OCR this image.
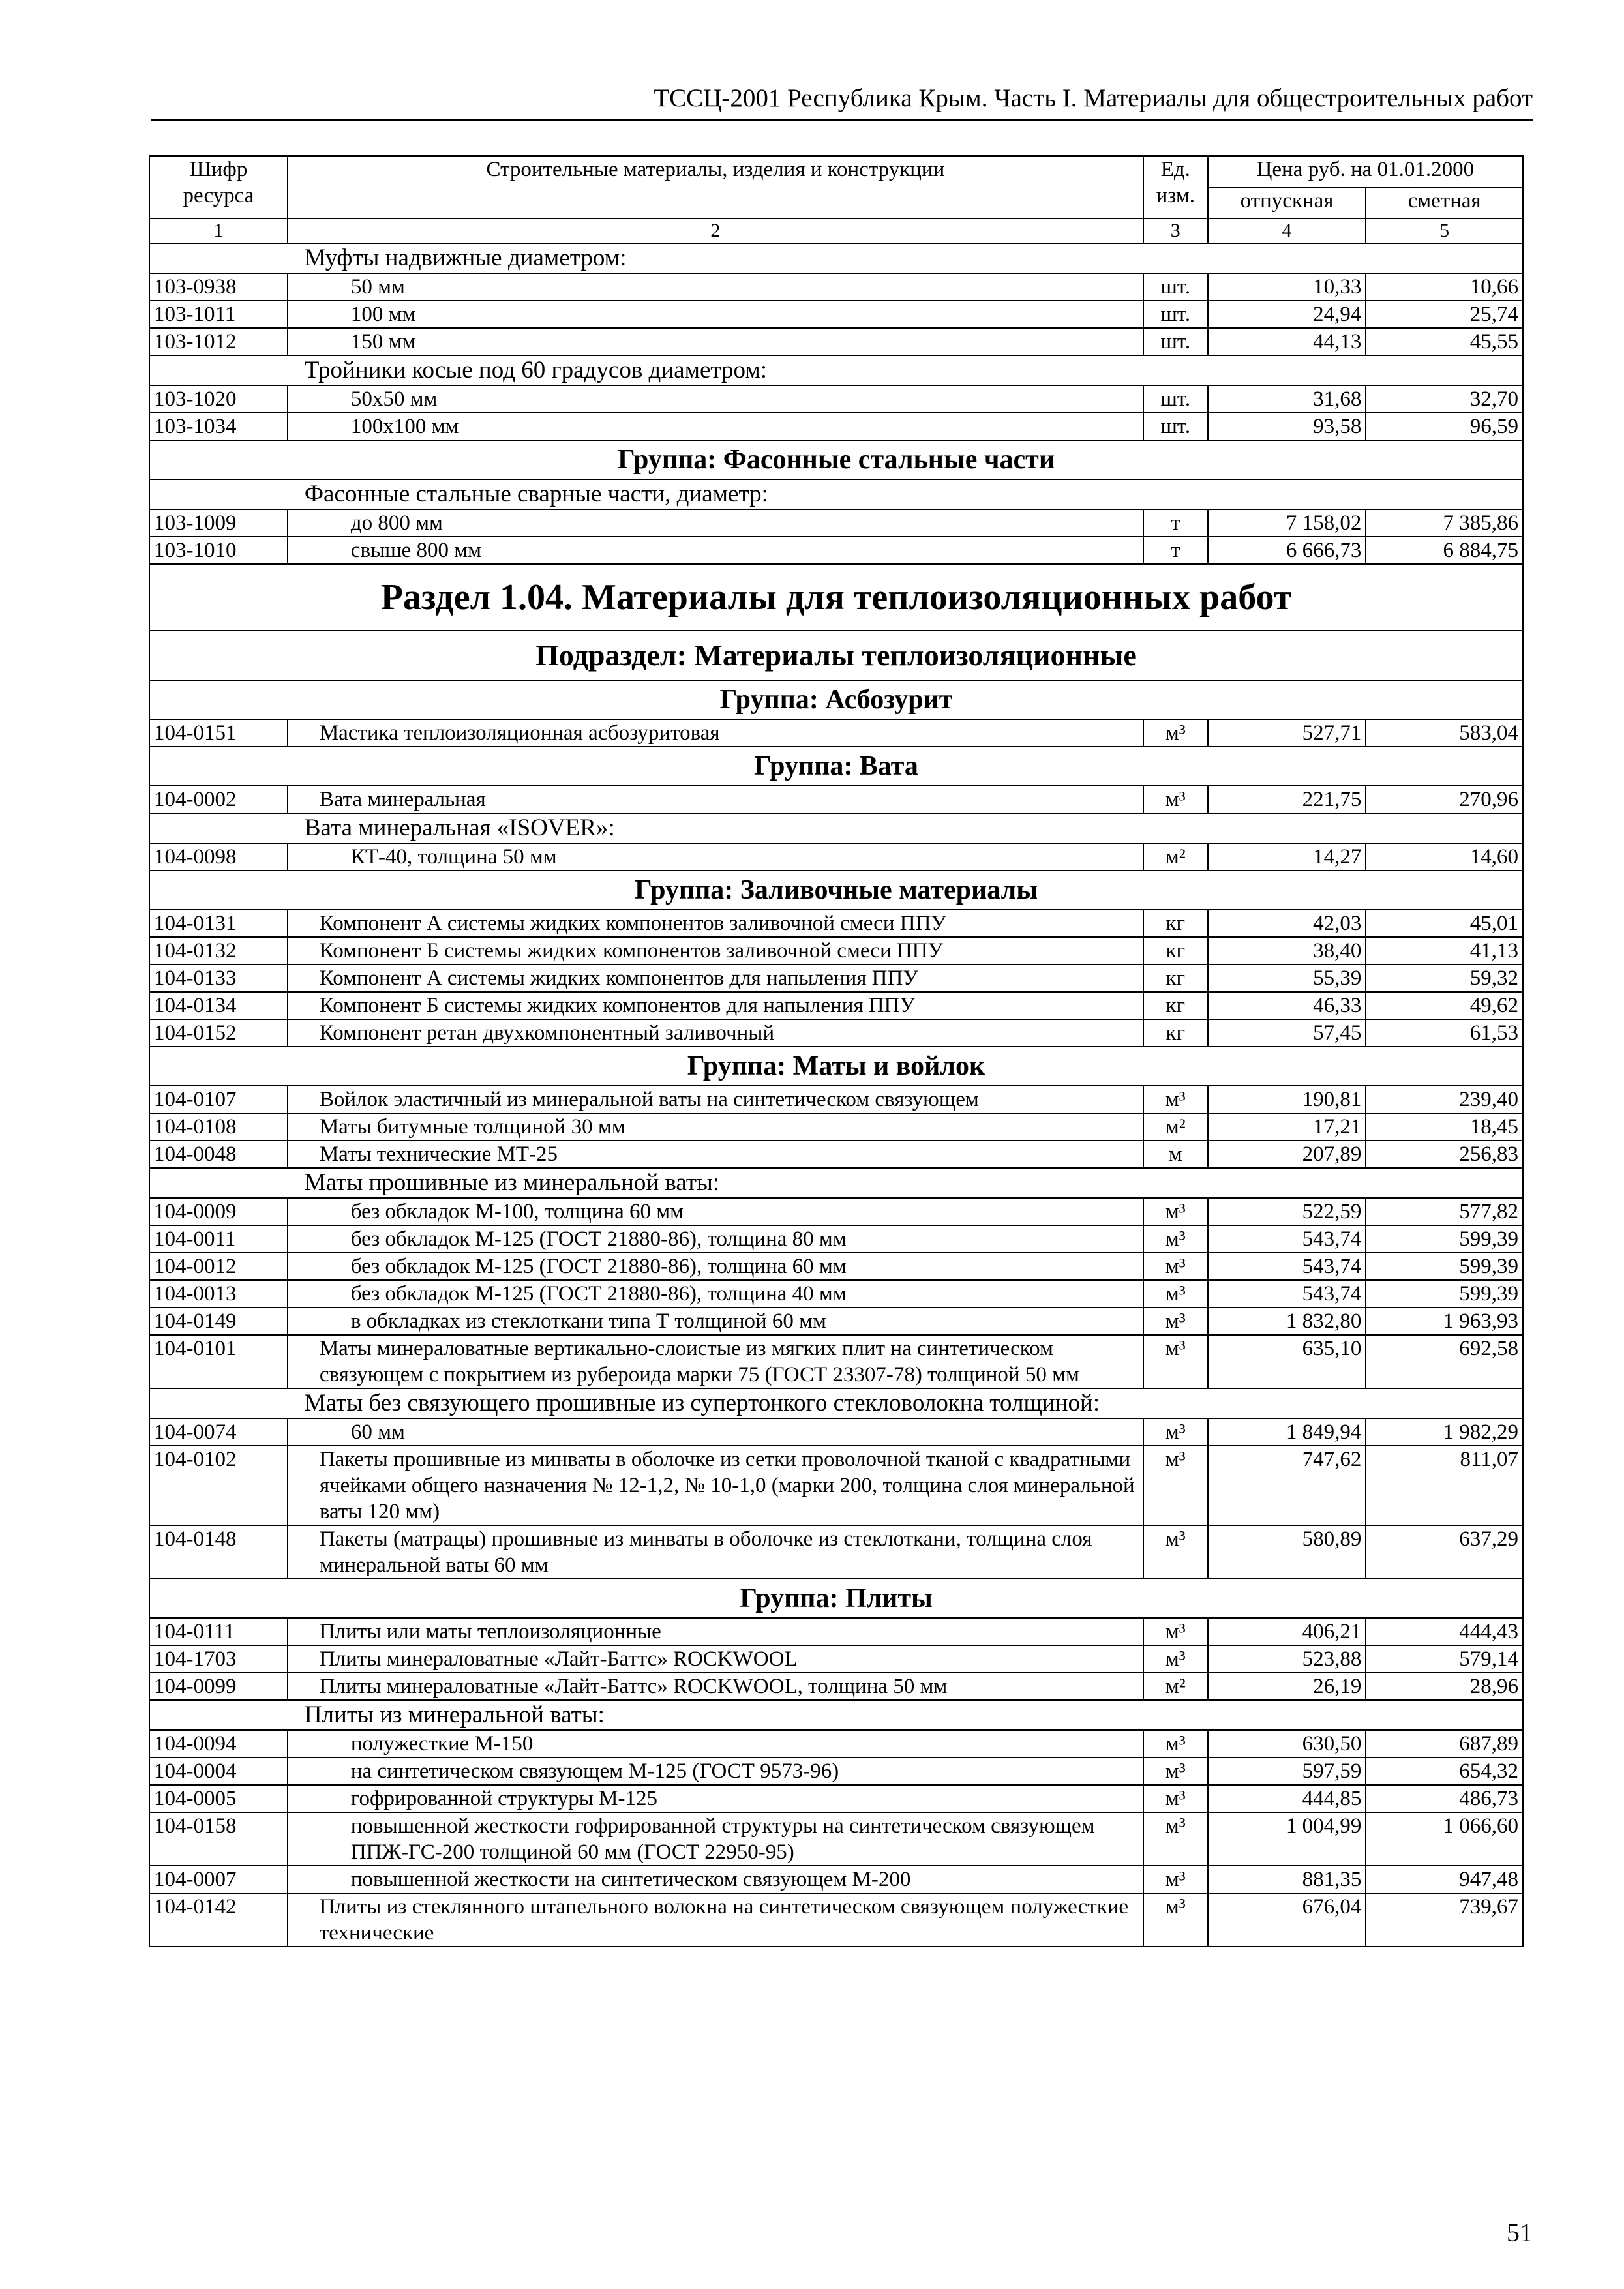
ТССЦ-2001 Республика Крым. Часть I. Материалы для общестроительных работ
Шифр ресурса	Строительные материалы, изделия и конструкции	Ед. изм.	Цена руб. на 01.01.2000	
			отпускная	сметная
1	2	3	4	5
	Муфты надвижные диаметром:			
103-0938	50 мм	шт.	10,33	10,66
103-1011	100 мм	шт.	24,94	25,74
103-1012	150 мм	шт.	44,13	45,55
	Тройники косые под 60 градусов диаметром:			
103-1020	50х50 мм	шт.	31,68	32,70
103-1034	100х100 мм	шт.	93,58	96,59
Группа: Фасонные стальные части				
	Фасонные стальные сварные части, диаметр:			
103-1009	до 800 мм	т	7 158,02	7 385,86
103-1010	свыше 800 мм	т	6 666,73	6 884,75
Раздел 1.04. Материалы для теплоизоляционных работ				
Подраздел: Материалы теплоизоляционные				
Группа: Асбозурит				
104-0151	Мастика теплоизоляционная асбозуритовая	м³	527,71	583,04
Группа: Вата				
104-0002	Вата минеральная	м³	221,75	270,96
	Вата минеральная «ISOVER»:			
104-0098	КТ-40, толщина 50 мм	м²	14,27	14,60
Группа: Заливочные материалы				
104-0131	Компонент А системы жидких компонентов заливочной смеси ППУ	кг	42,03	45,01
104-0132	Компонент Б системы жидких компонентов заливочной смеси ППУ	кг	38,40	41,13
104-0133	Компонент А системы жидких компонентов для напыления ППУ	кг	55,39	59,32
104-0134	Компонент Б системы жидких компонентов для напыления ППУ	кг	46,33	49,62
104-0152	Компонент ретан двухкомпонентный заливочный	кг	57,45	61,53
Группа: Маты и войлок				
104-0107	Войлок эластичный из минеральной ваты на синтетическом связующем	м³	190,81	239,40
104-0108	Маты битумные толщиной 30 мм	м²	17,21	18,45
104-0048	Маты технические МТ-25	м	207,89	256,83
	Маты прошивные из минеральной ваты:			
104-0009	без обкладок М-100, толщина 60 мм	м³	522,59	577,82
104-0011	без обкладок М-125 (ГОСТ 21880-86), толщина 80 мм	м³	543,74	599,39
104-0012	без обкладок М-125 (ГОСТ 21880-86), толщина 60 мм	м³	543,74	599,39
104-0013	без обкладок М-125 (ГОСТ 21880-86), толщина 40 мм	м³	543,74	599,39
104-0149	в обкладках из стеклоткани типа Т толщиной 60 мм	м³	1 832,80	1 963,93
104-0101	Маты минераловатные вертикально-слоистые из мягких плит на синтетическом связующем с покрытием из рубероида марки 75 (ГОСТ 23307-78) толщиной 50 мм	м³	635,10	692,58
	Маты без связующего прошивные из супертонкого стекловолокна толщиной:			
104-0074	60 мм	м³	1 849,94	1 982,29
104-0102	Пакеты прошивные из минваты в оболочке из сетки проволочной тканой с квадратными ячейками общего назначения № 12-1,2, № 10-1,0 (марки 200, толщина слоя минеральной ваты 120 мм)	м³	747,62	811,07
104-0148	Пакеты (матрацы) прошивные из минваты в оболочке из стеклоткани, толщина слоя минеральной ваты 60 мм	м³	580,89	637,29
Группа: Плиты				
104-0111	Плиты или маты теплоизоляционные	м³	406,21	444,43
104-1703	Плиты минераловатные «Лайт-Баттс» ROCKWOOL	м³	523,88	579,14
104-0099	Плиты минераловатные «Лайт-Баттс» ROCKWOOL, толщина 50 мм	м²	26,19	28,96
	Плиты из минеральной ваты:			
104-0094	полужесткие М-150	м³	630,50	687,89
104-0004	на синтетическом связующем М-125 (ГОСТ 9573-96)	м³	597,59	654,32
104-0005	гофрированной структуры М-125	м³	444,85	486,73
104-0158	повышенной жесткости гофрированной структуры на синтетическом связующем ППЖ-ГС-200 толщиной 60 мм (ГОСТ 22950-95)	м³	1 004,99	1 066,60
104-0007	повышенной жесткости на синтетическом связующем М-200	м³	881,35	947,48
104-0142	Плиты из стеклянного штапельного волокна на синтетическом связующем полужесткие технические	м³	676,04	739,67
51
